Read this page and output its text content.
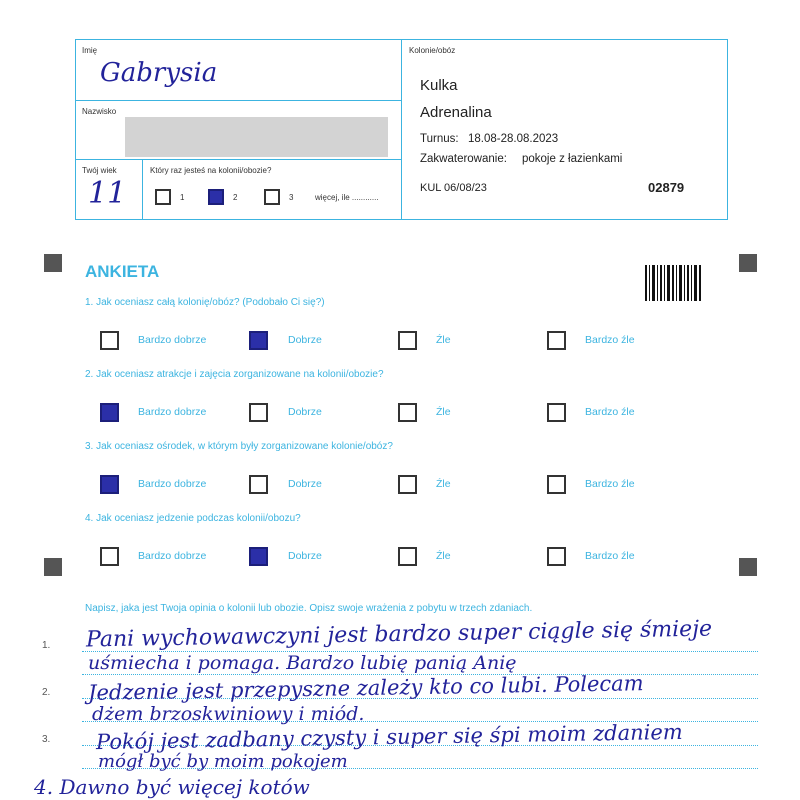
Imię
Gabrysia
Nazwisko
Twój wiek
11
Który raz jesteś na kolonii/obozie?
1	2	3	więcej, ile ............
Kolonie/obóz
Kulka
Adrenalina
Turnus: 18.08-28.08.2023
Zakwaterowanie: pokoje z łazienkami
KUL 06/08/23	02879
ANKIETA
1. Jak oceniasz całą kolonię/obóz? (Podobało Ci się?)
Bardzo dobrze	Dobrze	Źle	Bardzo źle
2. Jak oceniasz atrakcje i zajęcia zorganizowane na kolonii/obozie?
Bardzo dobrze	Dobrze	Źle	Bardzo źle
3. Jak oceniasz ośrodek, w którym były zorganizowane kolonie/obóz?
Bardzo dobrze	Dobrze	Źle	Bardzo źle
4. Jak oceniasz jedzenie podczas kolonii/obozu?
Bardzo dobrze	Dobrze	Źle	Bardzo źle
Napisz, jaka jest Twoja opinia o kolonii lub obozie. Opisz swoje wrażenia z pobytu w trzech zdaniach.
1.
2.
3.
Pani wychowawczyni jest bardzo super ciągle się śmieje
uśmiecha i pomaga. Bardzo lubię panią Anię
Jedzenie jest przepyszne zależy kto co lubi. Polecam
dżem brzoskwiniowy i miód.
Pokój jest zadbany czysty i super się śpi moim zdaniem
mógł być by moim pokojem
4. Dawno być więcej kotów
